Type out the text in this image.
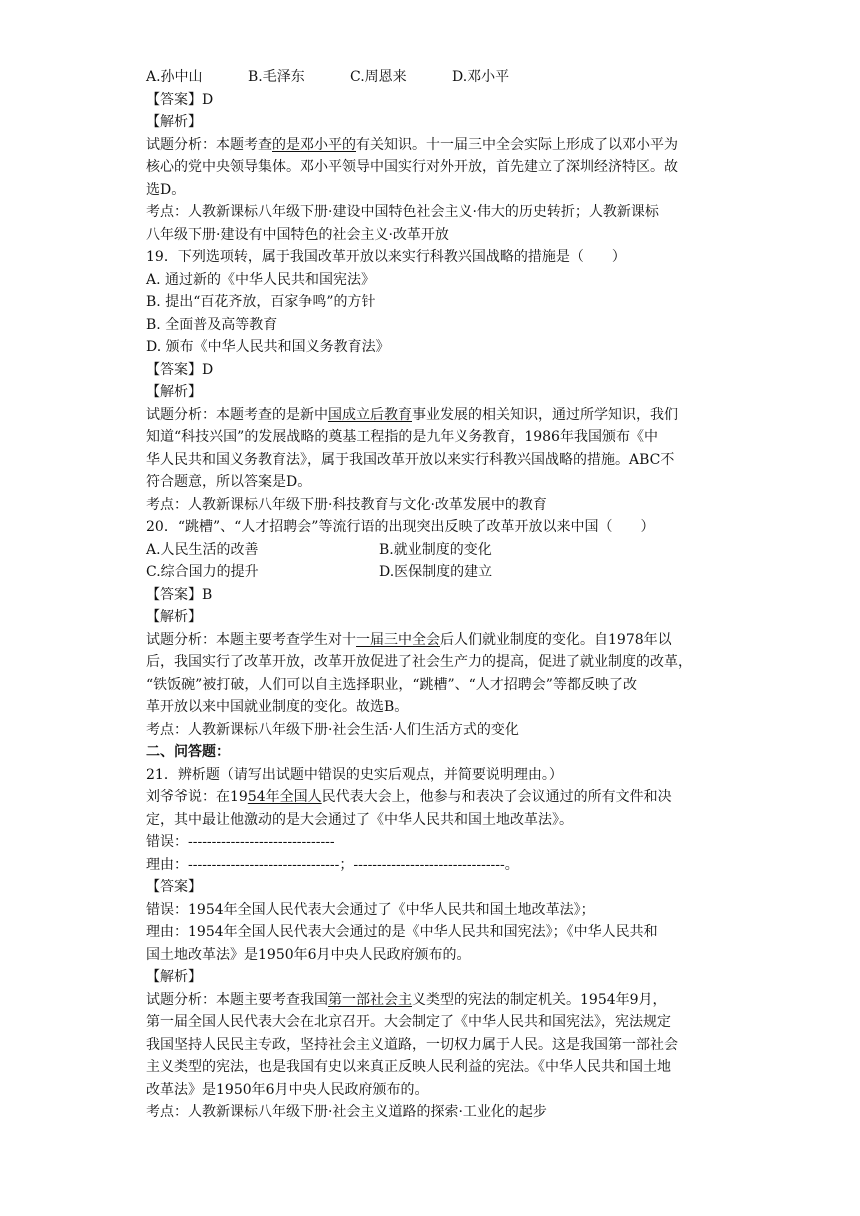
A.孙中山	B.毛泽东	C.周恩来	D.邓小平
【答案】D
【解析】
试题分析：本题考查的是邓小平的有关知识。十一届三中全会实际上形成了以邓小平为
核心的党中央领导集体。邓小平领导中国实行对外开放，首先建立了深圳经济特区。故
选D。
考点：人教新课标八年级下册·建设中国特色社会主义·伟大的历史转折；人教新课标
八年级下册·建设有中国特色的社会主义·改革开放
19．下列选项转，属于我国改革开放以来实行科教兴国战略的措施是（　　）
A. 通过新的《中华人民共和国宪法》
B. 提出“百花齐放，百家争鸣”的方针
B. 全面普及高等教育
D. 颁布《中华人民共和国义务教育法》
【答案】D
【解析】
试题分析：本题考查的是新中国成立后教育事业发展的相关知识，通过所学知识，我们
知道“科技兴国”的发展战略的奠基工程指的是九年义务教育，1986年我国颁布《中
华人民共和国义务教育法》，属于我国改革开放以来实行科教兴国战略的措施。ABC不
符合题意，所以答案是D。
考点：人教新课标八年级下册·科技教育与文化·改革发展中的教育
20．“跳槽”、“人才招聘会”等流行语的出现突出反映了改革开放以来中国（　　）
A.人民生活的改善	B.就业制度的变化
C.综合国力的提升	D.医保制度的建立
【答案】B
【解析】
试题分析：本题主要考查学生对十一届三中全会后人们就业制度的变化。自1978年以
后，我国实行了改革开放，改革开放促进了社会生产力的提高，促进了就业制度的改革，
“铁饭碗”被打破，人们可以自主选择职业，“跳槽”、“人才招聘会”等都反映了改
革开放以来中国就业制度的变化。故选B。
考点：人教新课标八年级下册·社会生活·人们生活方式的变化
二、问答题：
21．辨析题（请写出试题中错误的史实后观点，并简要说明理由。）
刘爷爷说：在1954年全国人民代表大会上，他参与和表决了会议通过的所有文件和决
定，其中最让他激动的是大会通过了《中华人民共和国土地改革法》。
错误：-------------------------------
理由：--------------------------------；--------------------------------。
【答案】
错误：1954年全国人民代表大会通过了《中华人民共和国土地改革法》；
理由：1954年全国人民代表大会通过的是《中华人民共和国宪法》；《中华人民共和
国土地改革法》是1950年6月中央人民政府颁布的。
【解析】
试题分析：本题主要考查我国第一部社会主义类型的宪法的制定机关。1954年9月，
第一届全国人民代表大会在北京召开。大会制定了《中华人民共和国宪法》，宪法规定
我国坚持人民民主专政，坚持社会主义道路，一切权力属于人民。这是我国第一部社会
主义类型的宪法，也是我国有史以来真正反映人民利益的宪法。《中华人民共和国土地
改革法》是1950年6月中央人民政府颁布的。
考点：人教新课标八年级下册·社会主义道路的探索·工业化的起步
